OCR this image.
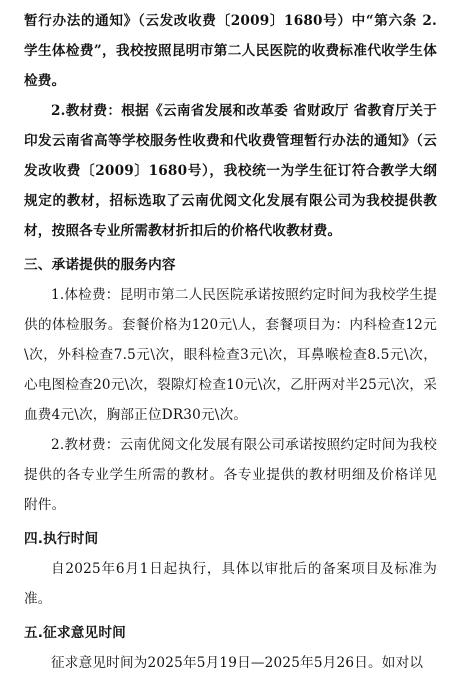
暂行办法的通知》（云发改收费〔2009〕1680号）中“第六条 2.学生体检费”，我校按照昆明市第二人民医院的收费标准代收学生体检费。

2.教材费：根据《云南省发展和改革委 省财政厅 省教育厅关于印发云南省高等学校服务性收费和代收费管理暂行办法的通知》（云发改收费〔2009〕1680号），我校统一为学生征订符合教学大纲规定的教材，招标选取了云南优阅文化发展有限公司为我校提供教材，按照各专业所需教材折扣后的价格代收教材费。

三、承诺提供的服务内容

1.体检费：昆明市第二人民医院承诺按照约定时间为我校学生提供的体检服务。套餐价格为120元\人，套餐项目为：内科检查12元\次，外科检查7.5元\次，眼科检查3元\次，耳鼻喉检查8.5元\次，心电图检查20元\次，裂隙灯检查10元\次，乙肝两对半25元\次，采血费4元\次，胸部正位DR30元\次。

2.教材费：云南优阅文化发展有限公司承诺按照约定时间为我校提供的各专业学生所需的教材。各专业提供的教材明细及价格详见附件。

四.执行时间

自2025年6月1日起执行，具体以审批后的备案项目及标准为准。

五.征求意见时间

征求意见时间为2025年5月19日—2025年5月26日。如对以
